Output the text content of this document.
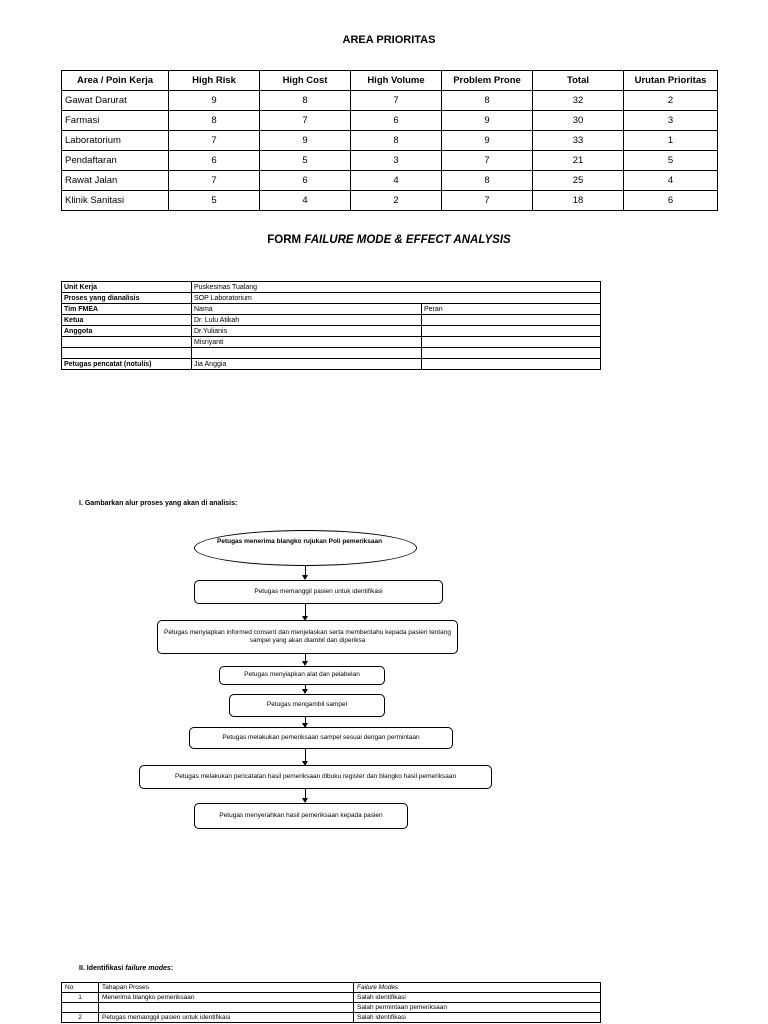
AREA PRIORITAS
Area / Poin Kerja	High Risk	High Cost	High Volume	Problem Prone	Total	Urutan Prioritas
Gawat Darurat	9	8	7	8	32	2
Farmasi	8	7	6	9	30	3
Laboratorium	7	9	8	9	33	1
Pendaftaran	6	5	3	7	21	5
Rawat Jalan	7	6	4	8	25	4
Klinik Sanitasi	5	4	2	7	18	6
FORM FAILURE MODE & EFFECT ANALYSIS
Unit Kerja	Puskesmas Tualang	
Proses yang dianalisis	SOP Laboratorium	
Tim FMEA	Nama	Peran
Ketua	Dr. Lulu Atikah	
Anggota	Dr.Yulianis	
	Misriyanti	

Petugas pencatat (notulis)	Jia Anggia	
I. Gambarkan alur proses yang akan di analisis:
Petugas menerima blangko rujukan Poli pemeriksaan
Petugas memanggil pasien untuk identifikasi
Petugas menyiapkan informed consent dan menjelaskan serta memberitahu kepada pasien tentang sampel yang akan diambil dan diperiksa
Petugas menyiapkan alat dan pelabelan
Petugas mengambil sampel
Petugas melakukan pemeriksaan sampel sesuai dengan permintaan
Petugas melakukan pencatatan hasil pemeriksaan dibuku register dan blangko hasil pemeriksaan
Petugas menyerahkan hasil pemeriksaan kepada pasien
II. Identifikasi failure modes:
No	Tahapan Proses	Failure Modes
1	Menerima blangko pemeriksaan	Salah identifikasi
		Salah permintaan pemeriksaan
2	Petugas memanggil pasien untuk identifikasi	Salah identifikasi
